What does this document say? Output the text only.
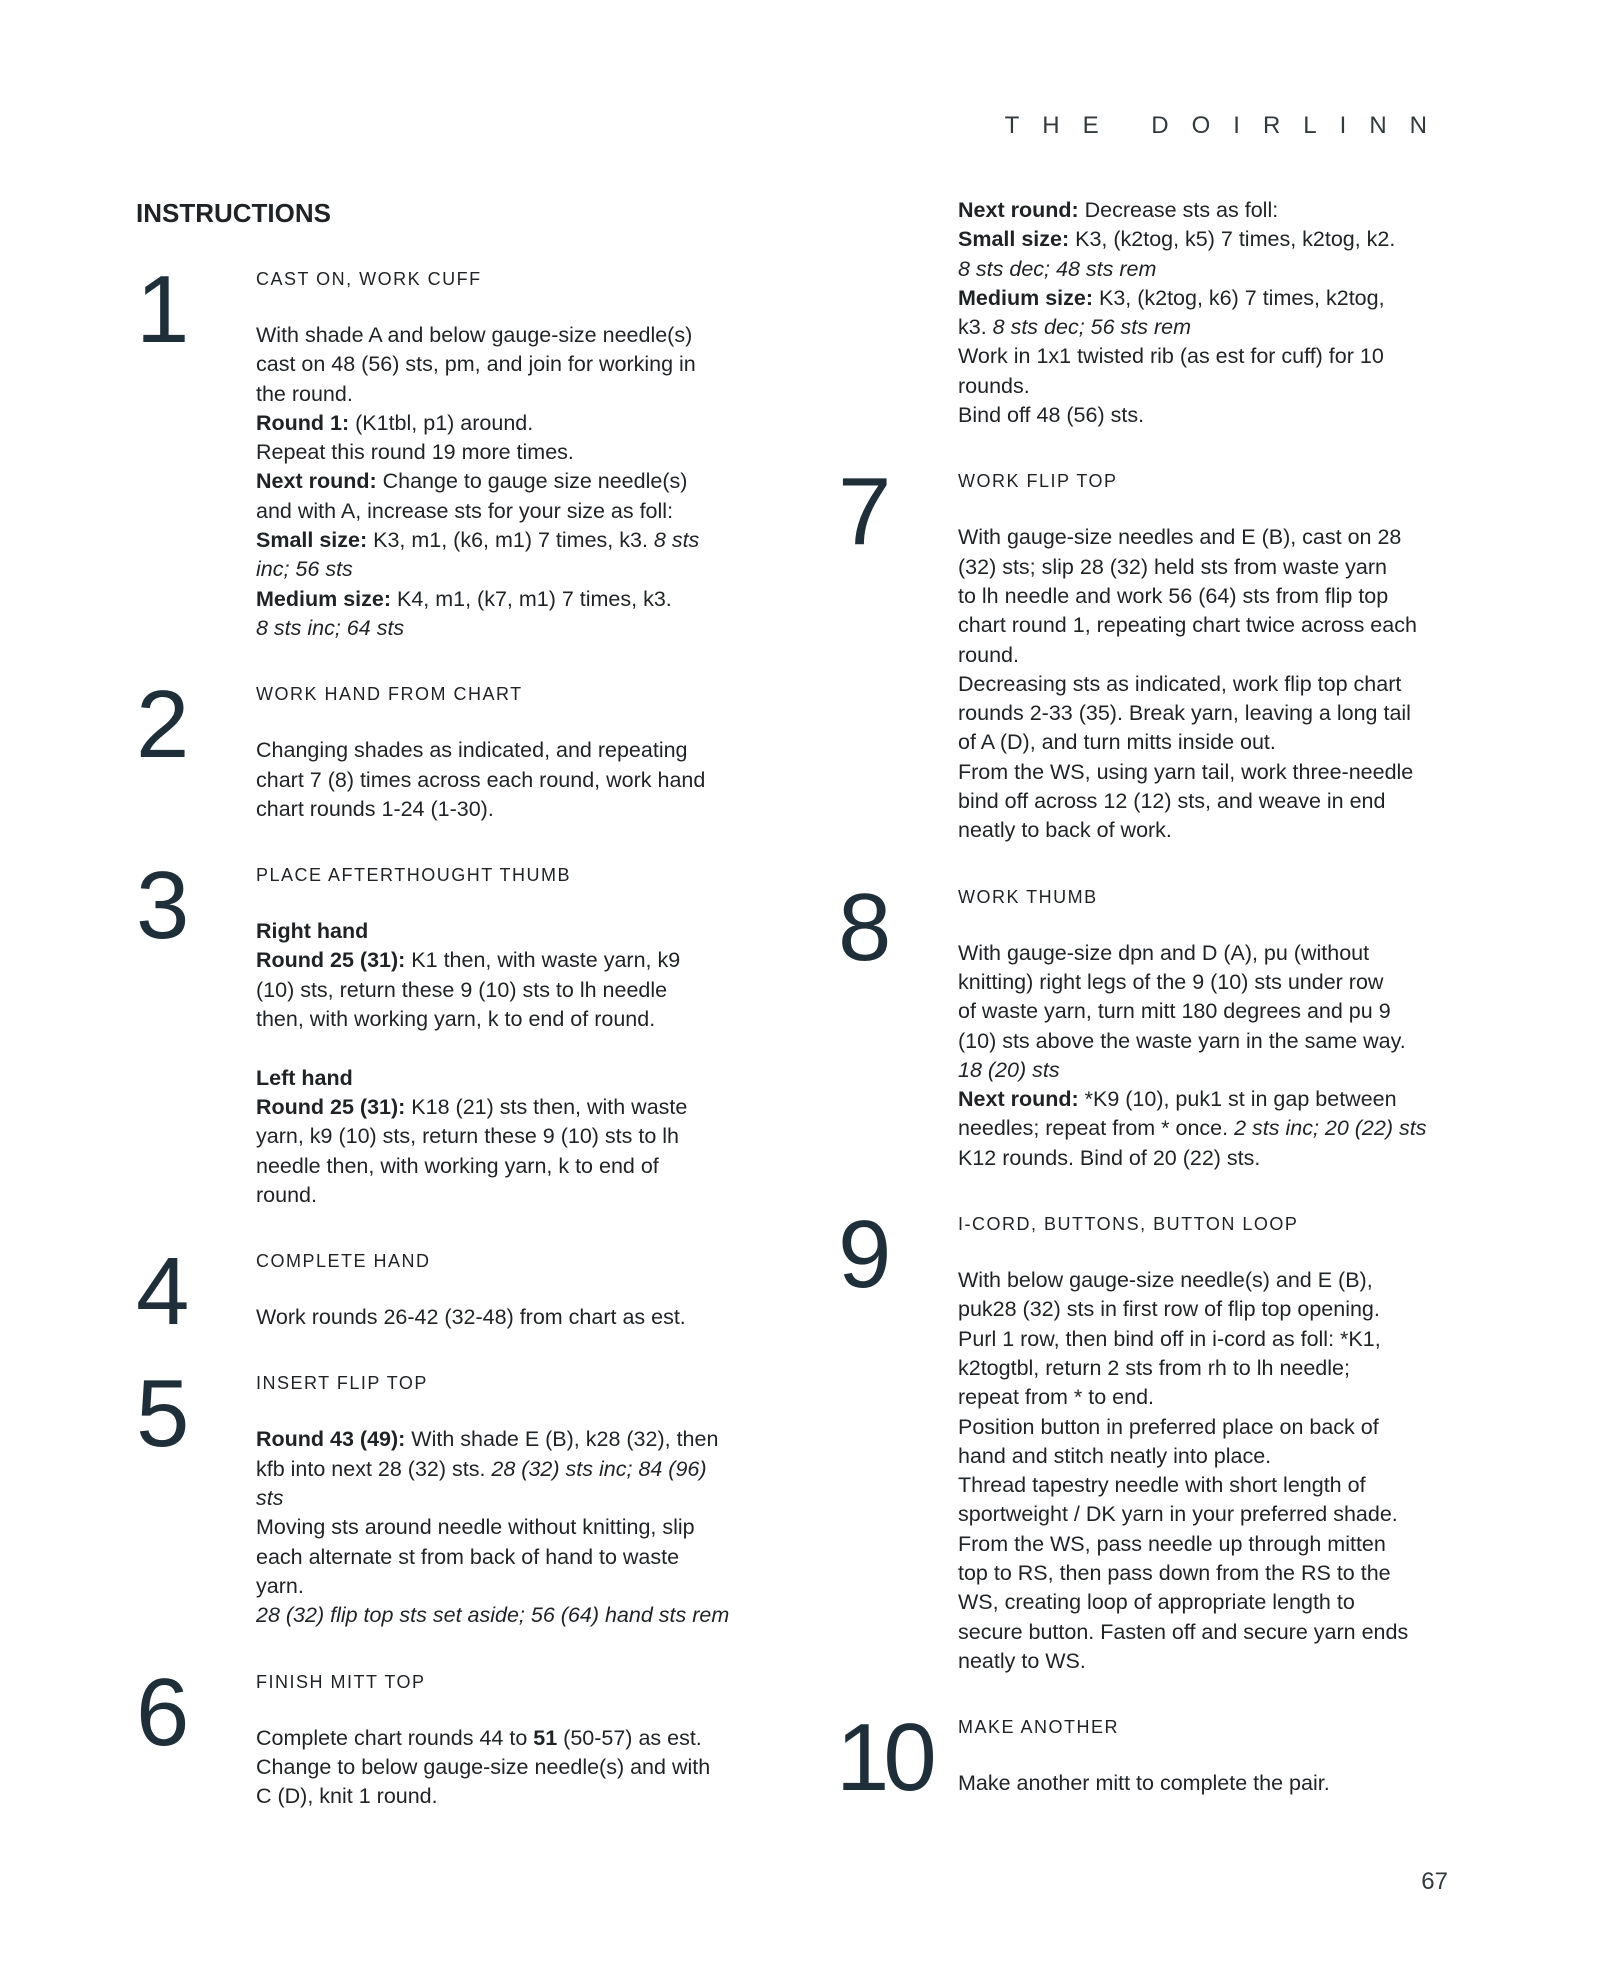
THE DOIRLINN
INSTRUCTIONS
1	CAST ON, WORK CUFF
With shade A and below gauge-size needle(s)
cast on 48 (56) sts, pm, and join for working in
the round.
Round 1: (K1tbl, p1) around.
Repeat this round 19 more times.
Next round: Change to gauge size needle(s)
and with A, increase sts for your size as foll:
Small size: K3, m1, (k6, m1) 7 times, k3. 8 sts
inc; 56 sts
Medium size: K4, m1, (k7, m1) 7 times, k3.
8 sts inc; 64 sts
2	WORK HAND FROM CHART
Changing shades as indicated, and repeating
chart 7 (8) times across each round, work hand
chart rounds 1-24 (1-30).
3	PLACE AFTERTHOUGHT THUMB
Right hand
Round 25 (31): K1 then, with waste yarn, k9
(10) sts, return these 9 (10) sts to lh needle
then, with working yarn, k to end of round.
Left hand
Round 25 (31): K18 (21) sts then, with waste
yarn, k9 (10) sts, return these 9 (10) sts to lh
needle then, with working yarn, k to end of
round.
4	COMPLETE HAND
Work rounds 26-42 (32-48) from chart as est.
5	INSERT FLIP TOP
Round 43 (49): With shade E (B), k28 (32), then
kfb into next 28 (32) sts. 28 (32) sts inc; 84 (96)
sts
Moving sts around needle without knitting, slip
each alternate st from back of hand to waste
yarn.
28 (32) flip top sts set aside; 56 (64) hand sts rem
6	FINISH MITT TOP
Complete chart rounds 44 to 51 (50-57) as est.
Change to below gauge-size needle(s) and with
C (D), knit 1 round.
Next round: Decrease sts as foll:
Small size: K3, (k2tog, k5) 7 times, k2tog, k2.
8 sts dec; 48 sts rem
Medium size: K3, (k2tog, k6) 7 times, k2tog,
k3. 8 sts dec; 56 sts rem
Work in 1x1 twisted rib (as est for cuff) for 10
rounds.
Bind off 48 (56) sts.
7	WORK FLIP TOP
With gauge-size needles and E (B), cast on 28
(32) sts; slip 28 (32) held sts from waste yarn
to lh needle and work 56 (64) sts from flip top
chart round 1, repeating chart twice across each
round.
Decreasing sts as indicated, work flip top chart
rounds 2-33 (35). Break yarn, leaving a long tail
of A (D), and turn mitts inside out.
From the WS, using yarn tail, work three-needle
bind off across 12 (12) sts, and weave in end
neatly to back of work.
8	WORK THUMB
With gauge-size dpn and D (A), pu (without
knitting) right legs of the 9 (10) sts under row
of waste yarn, turn mitt 180 degrees and pu 9
(10) sts above the waste yarn in the same way.
18 (20) sts
Next round: *K9 (10), puk1 st in gap between
needles; repeat from * once. 2 sts inc; 20 (22) sts
K12 rounds. Bind of 20 (22) sts.
9	I-CORD, BUTTONS, BUTTON LOOP
With below gauge-size needle(s) and E (B),
puk28 (32) sts in first row of flip top opening.
Purl 1 row, then bind off in i-cord as foll: *K1,
k2togtbl, return 2 sts from rh to lh needle;
repeat from * to end.
Position button in preferred place on back of
hand and stitch neatly into place.
Thread tapestry needle with short length of
sportweight / DK yarn in your preferred shade.
From the WS, pass needle up through mitten
top to RS, then pass down from the RS to the
WS, creating loop of appropriate length to
secure button. Fasten off and secure yarn ends
neatly to WS.
10 MAKE ANOTHER
Make another mitt to complete the pair.
67
